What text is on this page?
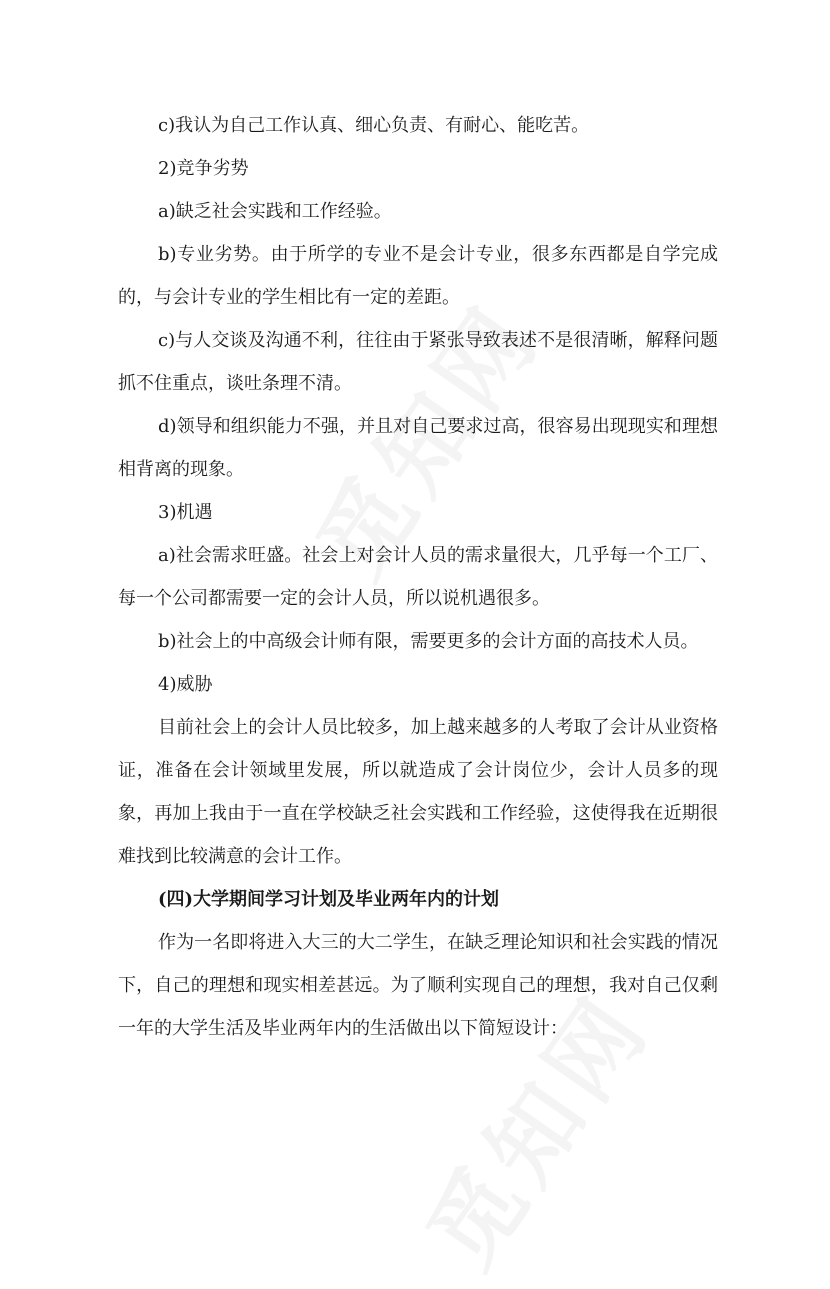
c)我认为自己工作认真、细心负责、有耐心、能吃苦。

2)竞争劣势

a)缺乏社会实践和工作经验。

b)专业劣势。由于所学的专业不是会计专业，很多东西都是自学完成的，与会计专业的学生相比有一定的差距。

c)与人交谈及沟通不利，往往由于紧张导致表述不是很清晰，解释问题抓不住重点，谈吐条理不清。

d)领导和组织能力不强，并且对自己要求过高，很容易出现现实和理想相背离的现象。

3)机遇

a)社会需求旺盛。社会上对会计人员的需求量很大，几乎每一个工厂、每一个公司都需要一定的会计人员，所以说机遇很多。

b)社会上的中高级会计师有限，需要更多的会计方面的高技术人员。

4)威胁

目前社会上的会计人员比较多，加上越来越多的人考取了会计从业资格证，准备在会计领域里发展，所以就造成了会计岗位少，会计人员多的现象，再加上我由于一直在学校缺乏社会实践和工作经验，这使得我在近期很难找到比较满意的会计工作。

(四)大学期间学习计划及毕业两年内的计划

作为一名即将进入大三的大二学生，在缺乏理论知识和社会实践的情况下，自己的理想和现实相差甚远。为了顺利实现自己的理想，我对自己仅剩一年的大学生活及毕业两年内的生活做出以下简短设计：
